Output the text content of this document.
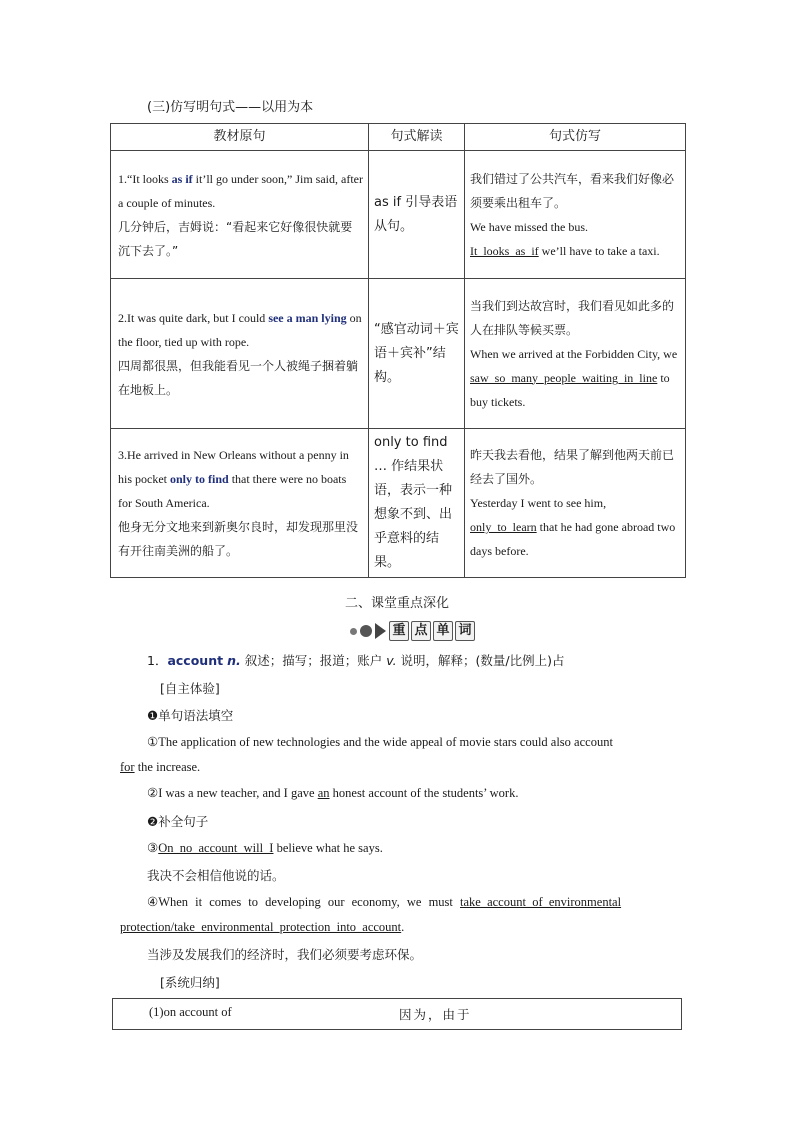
(三)仿写明句式——以用为本
教材原句	句式解读	句式仿写
1.“It looks as if it’ll go under soon,” Jim said, after a couple of minutes.
几分钟后，吉姆说：“看起来它好像很快就要沉下去了。”	as if 引导表语从句。	我们错过了公共汽车，看来我们好像必须要乘出租车了。
We have missed the bus.
It_looks_as_if we’ll have to take a taxi.
2.It was quite dark, but I could see a man lying on the floor, tied up with rope.
四周都很黑，但我能看见一个人被绳子捆着躺在地板上。	“感官动词＋宾语＋宾补”结构。	当我们到达故宫时，我们看见如此多的人在排队等候买票。
When we arrived at the Forbidden City, we
saw_so_many_people_waiting_in_line to buy tickets.
3.He arrived in New Orleans without a penny in his pocket only to find that there were no boats for South America.
他身无分文地来到新奥尔良时，却发现那里没有开往南美洲的船了。	only to find … 作结果状语，表示一种想象不到、出乎意料的结果。	昨天我去看他，结果了解到他两天前已经去了国外。
Yesterday I went to see him,
only_to_learn that he had gone abroad two days before.
二、课堂重点深化
重 点 单 词
1．account n. 叙述；描写；报道；账户 v. 说明，解释；(数量/比例上)占
[自主体验]
❶单句语法填空
①The application of new technologies and the wide appeal of movie stars could also account
for the increase.
②I was a new teacher, and I gave an honest account of the students’ work.
❷补全句子
③On_no_account_will_I believe what he says.
我决不会相信他说的话。
④When it comes to developing our economy, we must take_account_of_environmental
protection/take_environmental_protection_into_account.
当涉及发展我们的经济时，我们必须要考虑环保。
[系统归纳]
(1)on account of	因为，由于
